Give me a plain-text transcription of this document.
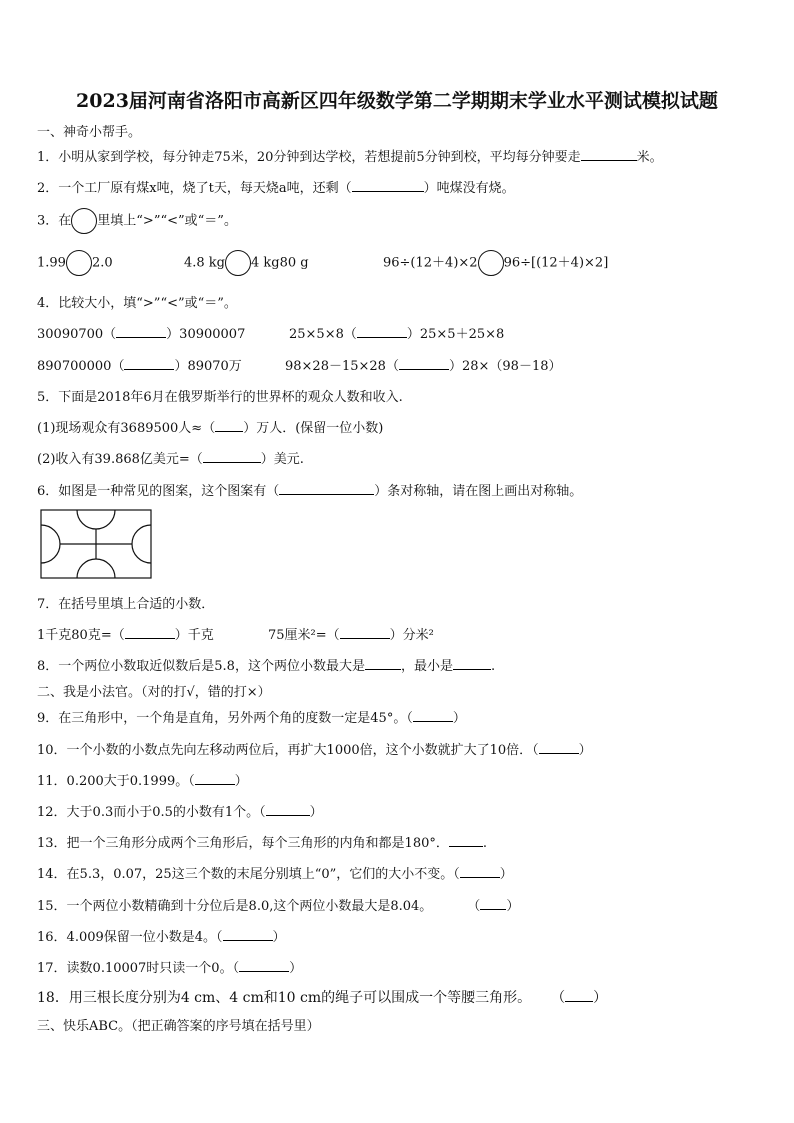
2023届河南省洛阳市高新区四年级数学第二学期期末学业水平测试模拟试题
一、神奇小帮手。
1．小明从家到学校，每分钟走75米，20分钟到达学校，若想提前5分钟到校，平均每分钟要走	米。
2．一个工厂原有煤x吨，烧了t天，每天烧a吨，还剩（	）吨煤没有烧。
3．在 里填上“>”“<”或“＝”。
1.99 2.0	4.8 kg 4 kg80 g	96÷(12＋4)×2 96÷[(12＋4)×2]
4．比较大小，填“>”“<”或“＝”。
30090700（	）30900007	25×5×8（	）25×5＋25×8
890700000（	）89070万	98×28－15×28（	）28×（98－18）
5．下面是2018年6月在俄罗斯举行的世界杯的观众人数和收入.
(1)现场观众有3689500人≈（ ）万人．(保留一位小数)
(2)收入有39.868亿美元=（	）美元.
6．如图是一种常见的图案，这个图案有（	）条对称轴，请在图上画出对称轴。
7．在括号里填上合适的小数．
1千克80克=（	）千克	75厘米²=（	）分米²
8．一个两位小数取近似数后是5.8，这个两位小数最大是	，最小是	.
二、我是小法官。（对的打√，错的打×）
9．在三角形中，一个角是直角，另外两个角的度数一定是45°。（	）
10．一个小数的小数点先向左移动两位后，再扩大1000倍，这个小数就扩大了10倍．（	）
11．0.200大于0.1999。（	）
12．大于0.3而小于0.5的小数有1个。（	）
13．把一个三角形分成两个三角形后，每个三角形的内角和都是180°．	.
14．在5.3，0.07，25这三个数的末尾分别填上“0”，它们的大小不变。（	）
15．一个两位小数精确到十分位后是8.0,这个两位小数最大是8.04。	（ ）
16．4.009保留一位小数是4。（	）
17．读数0.10007时只读一个0。（	）
18．用三根长度分别为4 cm、4 cm和10 cm的绳子可以围成一个等腰三角形。 （ ）
三、快乐ABC。（把正确答案的序号填在括号里）
